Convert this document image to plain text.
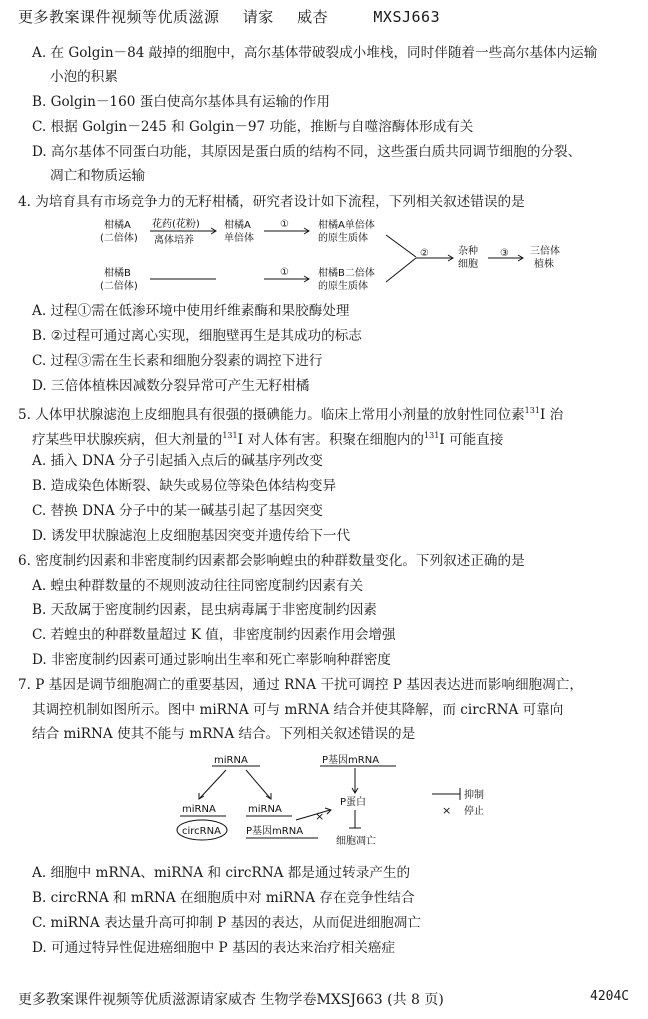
更多教案课件视频等优质滋源 请家 威杏	MXSJ663
A. 在 Golgin－84 敲掉的细胞中，高尔基体带破裂成小堆栈，同时伴随着一些高尔基体内运输
小泡的积累
B. Golgin－160 蛋白使高尔基体具有运输的作用
C. 根据 Golgin－245 和 Golgin－97 功能，推断与自噬溶酶体形成有关
D. 高尔基体不同蛋白功能，其原因是蛋白质的结构不同，这些蛋白质共同调节细胞的分裂、
凋亡和物质运输
4. 为培育具有市场竞争力的无籽柑橘，研究者设计如下流程，下列相关叙述错误的是
柑橘A
(二倍体)
花药(花粉)
离体培养
柑橘A
单倍体
①	柑橘A单倍体
的原生质体
柑橘B
(二倍体)
①	柑橘B二倍体
的原生质体
②	杂种
细胞
③ 三倍体
植株
A. 过程①需在低渗环境中使用纤维素酶和果胶酶处理
B. ②过程可通过离心实现，细胞壁再生是其成功的标志
C. 过程③需在生长素和细胞分裂素的调控下进行
D. 三倍体植株因减数分裂异常可产生无籽柑橘
5. 人体甲状腺滤泡上皮细胞具有很强的摄碘能力。临床上常用小剂量的放射性同位素$^{131}$I 治
疗某些甲状腺疾病，但大剂量的$^{131}$I 对人体有害。积聚在细胞内的$^{131}$I 可能直接
A. 插入 DNA 分子引起插入点后的碱基序列改变
B. 造成染色体断裂、缺失或易位等染色体结构变异
C. 替换 DNA 分子中的某一碱基引起了基因突变
D. 诱发甲状腺滤泡上皮细胞基因突变并遗传给下一代
6. 密度制约因素和非密度制约因素都会影响蝗虫的种群数量变化。下列叙述正确的是
A. 蝗虫种群数量的不规则波动往往同密度制约因素有关
B. 天敌属于密度制约因素，昆虫病毒属于非密度制约因素
C. 若蝗虫的种群数量超过 K 值，非密度制约因素作用会增强
D. 非密度制约因素可通过影响出生率和死亡率影响种群密度
7. P 基因是调节细胞凋亡的重要基因，通过 RNA 干扰可调控 P 基因表达进而影响细胞凋亡，
其调控机制如图所示。图中 miRNA 可与 mRNA 结合并使其降解，而 circRNA 可靠向
结合 miRNA 使其不能与 mRNA 结合。下列相关叙述错误的是
miRNA
miRNA
circRNA
miRNA
P基因mRNA
×
P基因mRNA
P蛋白
细胞凋亡
抑制
× 停止
A. 细胞中 mRNA、miRNA 和 circRNA 都是通过转录产生的
B. circRNA 和 mRNA 在细胞质中对 miRNA 存在竞争性结合
C. miRNA 表达量升高可抑制 P 基因的表达，从而促进细胞凋亡
D. 可通过特异性促进癌细胞中 P 基因的表达来治疗相关癌症
更多教案课件视频等优质滋源请家威杏 生物学卷MXSJ663 (共 8 页)	4204C
